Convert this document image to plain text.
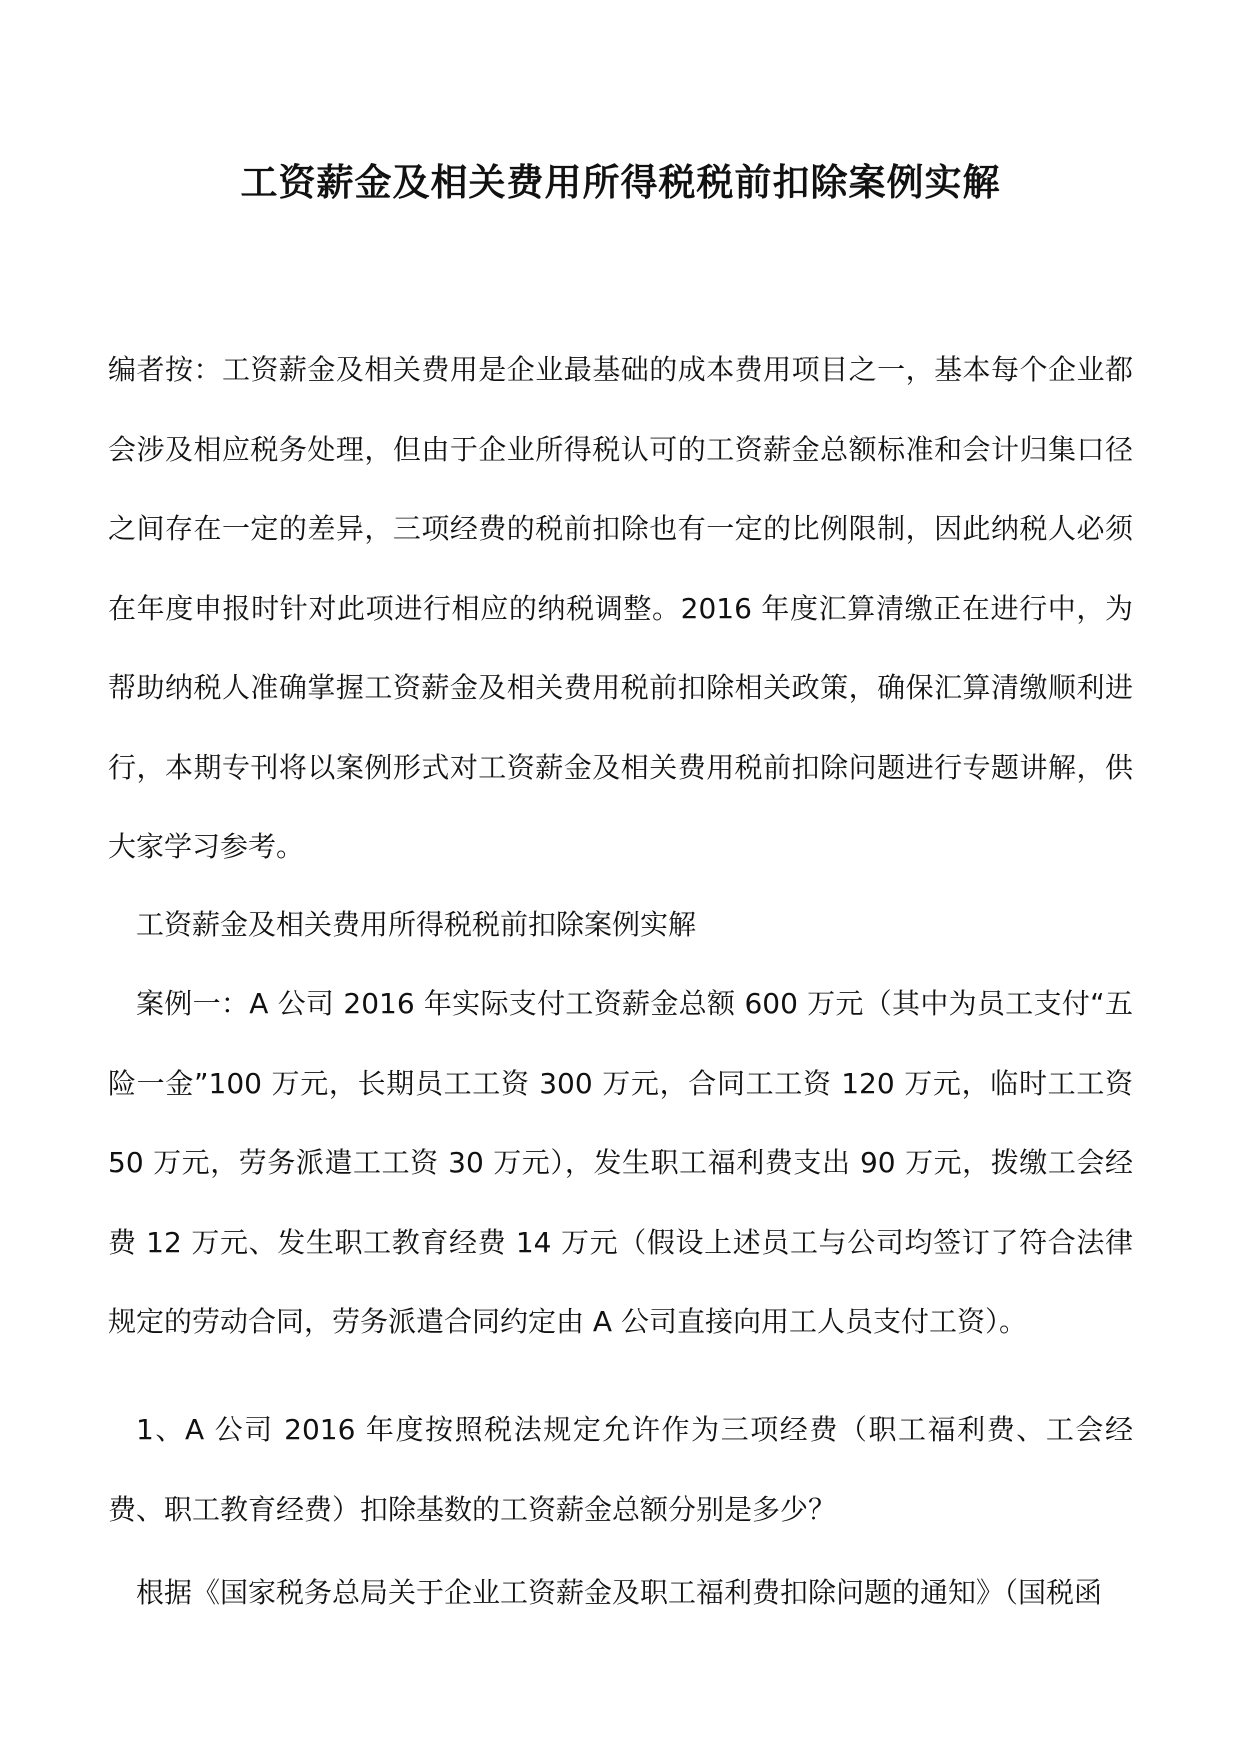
工资薪金及相关费用所得税税前扣除案例实解

编者按：工资薪金及相关费用是企业最基础的成本费用项目之一，基本每个企业都会涉及相应税务处理，但由于企业所得税认可的工资薪金总额标准和会计归集口径之间存在一定的差异，三项经费的税前扣除也有一定的比例限制，因此纳税人必须在年度申报时针对此项进行相应的纳税调整。2016 年度汇算清缴正在进行中，为帮助纳税人准确掌握工资薪金及相关费用税前扣除相关政策，确保汇算清缴顺利进行，本期专刊将以案例形式对工资薪金及相关费用税前扣除问题进行专题讲解，供大家学习参考。

工资薪金及相关费用所得税税前扣除案例实解

案例一：A 公司 2016 年实际支付工资薪金总额 600 万元（其中为员工支付“五险一金”100 万元，长期员工工资 300 万元，合同工工资 120 万元，临时工工资 50 万元，劳务派遣工工资 30 万元），发生职工福利费支出 90 万元，拨缴工会经费 12 万元、发生职工教育经费 14 万元（假设上述员工与公司均签订了符合法律规定的劳动合同，劳务派遣合同约定由 A 公司直接向用工人员支付工资）。

1、A 公司 2016 年度按照税法规定允许作为三项经费（职工福利费、工会经费、职工教育经费）扣除基数的工资薪金总额分别是多少？

根据《国家税务总局关于企业工资薪金及职工福利费扣除问题的通知》（国税函
